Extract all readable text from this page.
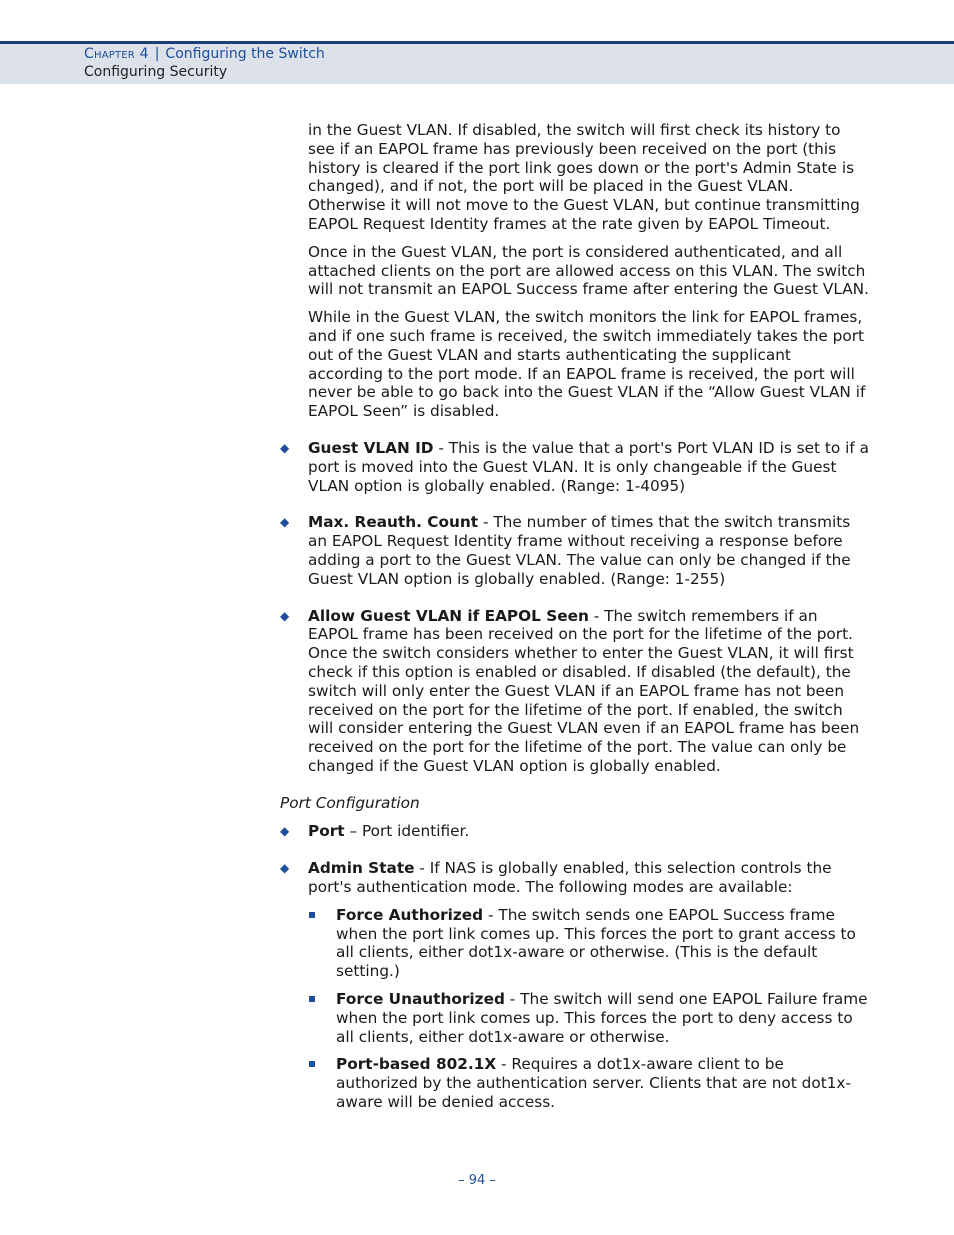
Chapter 4 | Configuring the Switch
Configuring Security

in the Guest VLAN. If disabled, the switch will first check its history to see if an EAPOL frame has previously been received on the port (this history is cleared if the port link goes down or the port's Admin State is changed), and if not, the port will be placed in the Guest VLAN. Otherwise it will not move to the Guest VLAN, but continue transmitting EAPOL Request Identity frames at the rate given by EAPOL Timeout.

Once in the Guest VLAN, the port is considered authenticated, and all attached clients on the port are allowed access on this VLAN. The switch will not transmit an EAPOL Success frame after entering the Guest VLAN.

While in the Guest VLAN, the switch monitors the link for EAPOL frames, and if one such frame is received, the switch immediately takes the port out of the Guest VLAN and starts authenticating the supplicant according to the port mode. If an EAPOL frame is received, the port will never be able to go back into the Guest VLAN if the “Allow Guest VLAN if EAPOL Seen” is disabled.

◆ Guest VLAN ID - This is the value that a port's Port VLAN ID is set to if a port is moved into the Guest VLAN. It is only changeable if the Guest VLAN option is globally enabled. (Range: 1-4095)

◆ Max. Reauth. Count - The number of times that the switch transmits an EAPOL Request Identity frame without receiving a response before adding a port to the Guest VLAN. The value can only be changed if the Guest VLAN option is globally enabled. (Range: 1-255)

◆ Allow Guest VLAN if EAPOL Seen - The switch remembers if an EAPOL frame has been received on the port for the lifetime of the port. Once the switch considers whether to enter the Guest VLAN, it will first check if this option is enabled or disabled. If disabled (the default), the switch will only enter the Guest VLAN if an EAPOL frame has not been received on the port for the lifetime of the port. If enabled, the switch will consider entering the Guest VLAN even if an EAPOL frame has been received on the port for the lifetime of the port. The value can only be changed if the Guest VLAN option is globally enabled.

Port Configuration

◆ Port – Port identifier.

◆ Admin State - If NAS is globally enabled, this selection controls the port's authentication mode. The following modes are available:

Force Authorized - The switch sends one EAPOL Success frame when the port link comes up. This forces the port to grant access to all clients, either dot1x-aware or otherwise. (This is the default setting.)

Force Unauthorized - The switch will send one EAPOL Failure frame when the port link comes up. This forces the port to deny access to all clients, either dot1x-aware or otherwise.

Port-based 802.1X - Requires a dot1x-aware client to be authorized by the authentication server. Clients that are not dot1x-aware will be denied access.

– 94 –
